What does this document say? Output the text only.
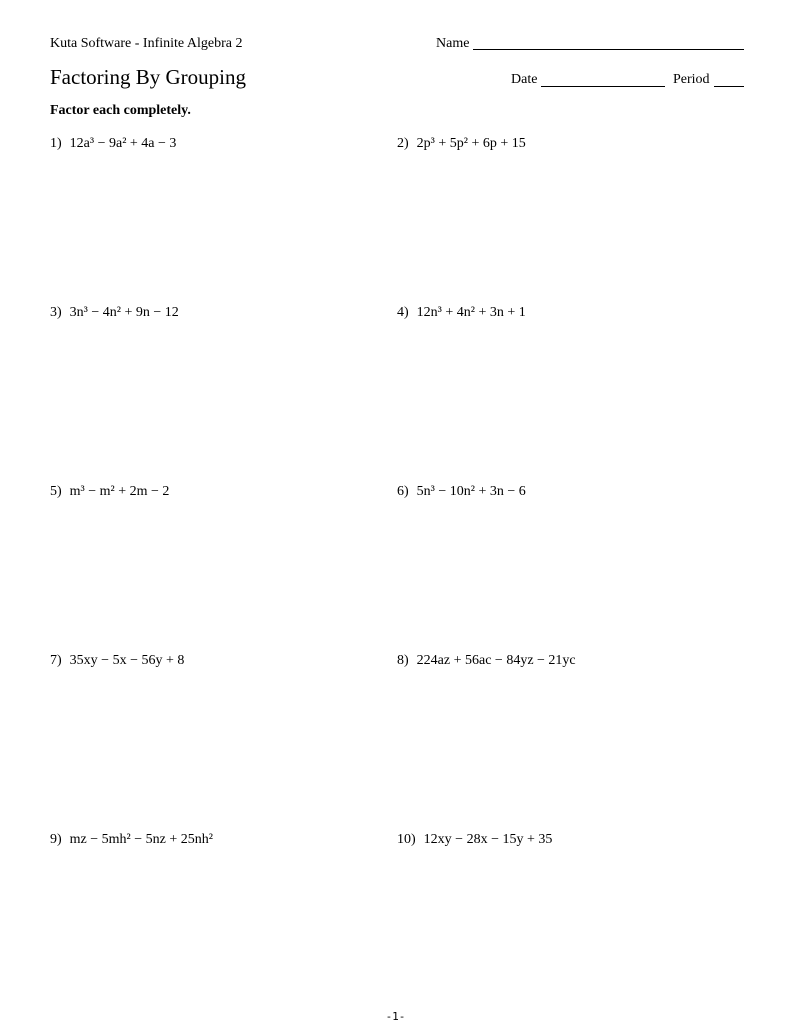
Kuta Software - Infinite Algebra 2	Name
Factoring By Grouping	Date	Period
Factor each completely.
1) 12a³ − 9a² + 4a − 3	2) 2p³ + 5p² + 6p + 15
3) 3n³ − 4n² + 9n − 12	4) 12n³ + 4n² + 3n + 1
5) m³ − m² + 2m − 2	6) 5n³ − 10n² + 3n − 6
7) 35xy − 5x − 56y + 8	8) 224az + 56ac − 84yz − 21yc
9) mz − 5mh² − 5nz + 25nh²	10) 12xy − 28x − 15y + 35
-1-
